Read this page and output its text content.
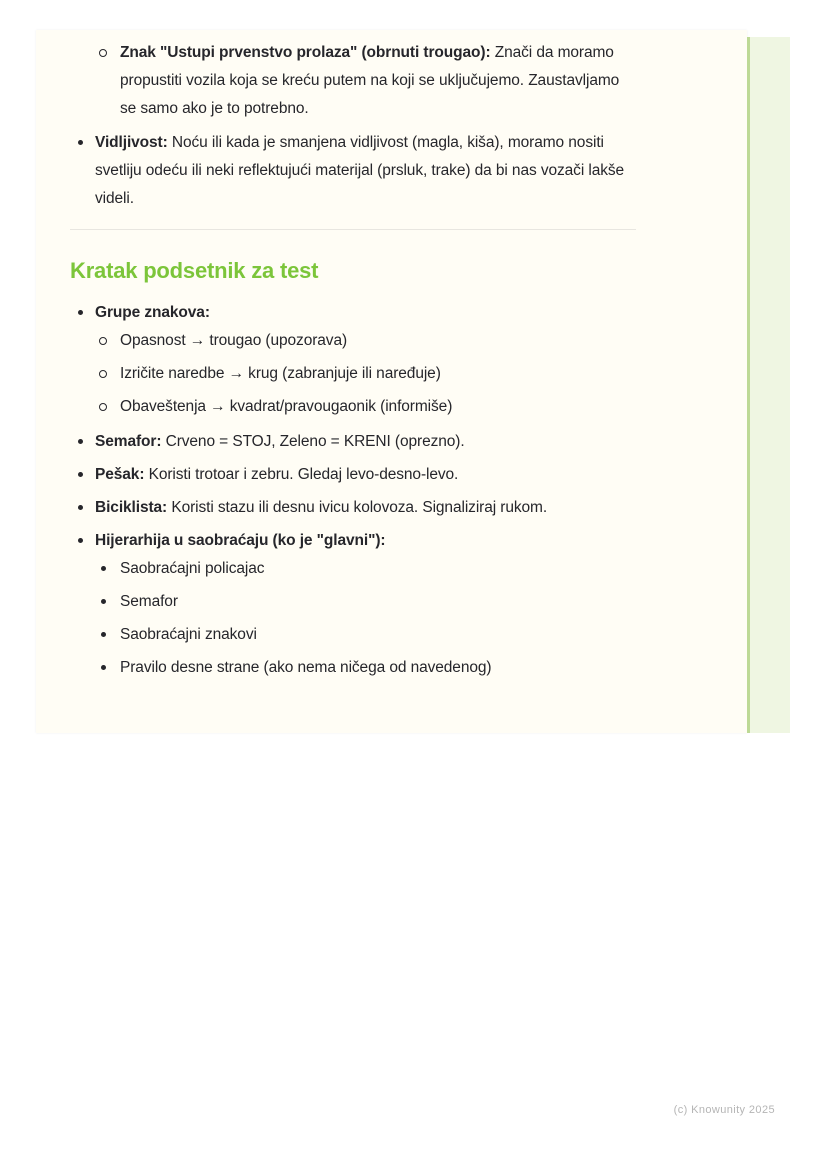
Znak "Ustupi prvenstvo prolaza" (obrnuti trougao): Znači da moramo propustiti vozila koja se kreću putem na koji se uključujemo. Zaustavljamo se samo ako je to potrebno.
Vidljivost: Noću ili kada je smanjena vidljivost (magla, kiša), moramo nositi svetliju odeću ili neki reflektujući materijal (prsluk, trake) da bi nas vozači lakše videli.
Kratak podsetnik za test
Grupe znakova:
Opasnost → trougao (upozorava)
Izričite naredbe → krug (zabranjuje ili naređuje)
Obaveštenja → kvadrat/pravougaonik (informiše)
Semafor: Crveno = STOJ, Zeleno = KRENI (oprezno).
Pešak: Koristi trotoar i zebru. Gledaj levo-desno-levo.
Biciklista: Koristi stazu ili desnu ivicu kolovoza. Signaliziraj rukom.
Hijerarhija u saobraćaju (ko je "glavni"):
Saobraćajni policajac
Semafor
Saobraćajni znakovi
Pravilo desne strane (ako nema ničega od navedenog)
(c) Knowunity 2025
